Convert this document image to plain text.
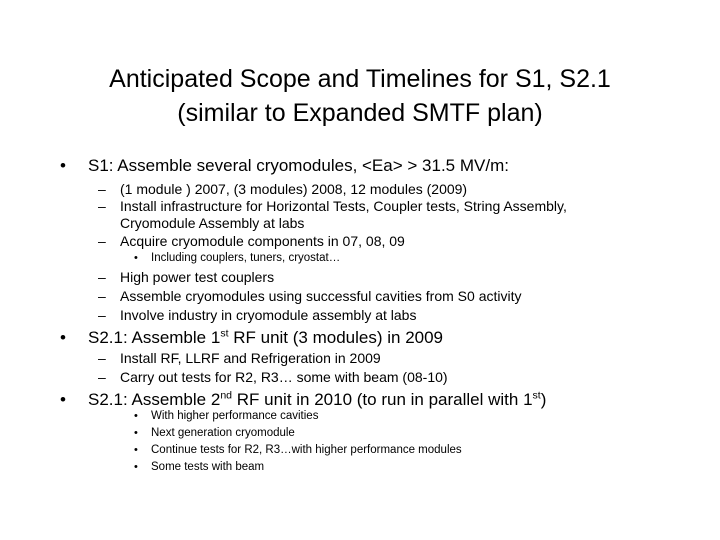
Anticipated Scope and Timelines for S1, S2.1
(similar to Expanded SMTF plan)
• S1: Assemble several cryomodules, <Ea> > 31.5 MV/m:
– (1 module ) 2007, (3 modules) 2008, 12 modules (2009)
– Install infrastructure for Horizontal Tests, Coupler tests, String Assembly,
Cryomodule Assembly at labs
– Acquire cryomodule components in 07, 08, 09
• Including couplers, tuners, cryostat…
– High power test couplers
– Assemble cryomodules using successful cavities from S0 activity
– Involve industry in cryomodule assembly at labs
• S2.1: Assemble 1st RF unit (3 modules) in 2009
– Install RF, LLRF and Refrigeration in 2009
– Carry out tests for R2, R3… some with beam (08-10)
• S2.1: Assemble 2nd RF unit in 2010 (to run in parallel with 1st)
• With higher performance cavities
• Next generation cryomodule
• Continue tests for R2, R3…with higher performance modules
• Some tests with beam
